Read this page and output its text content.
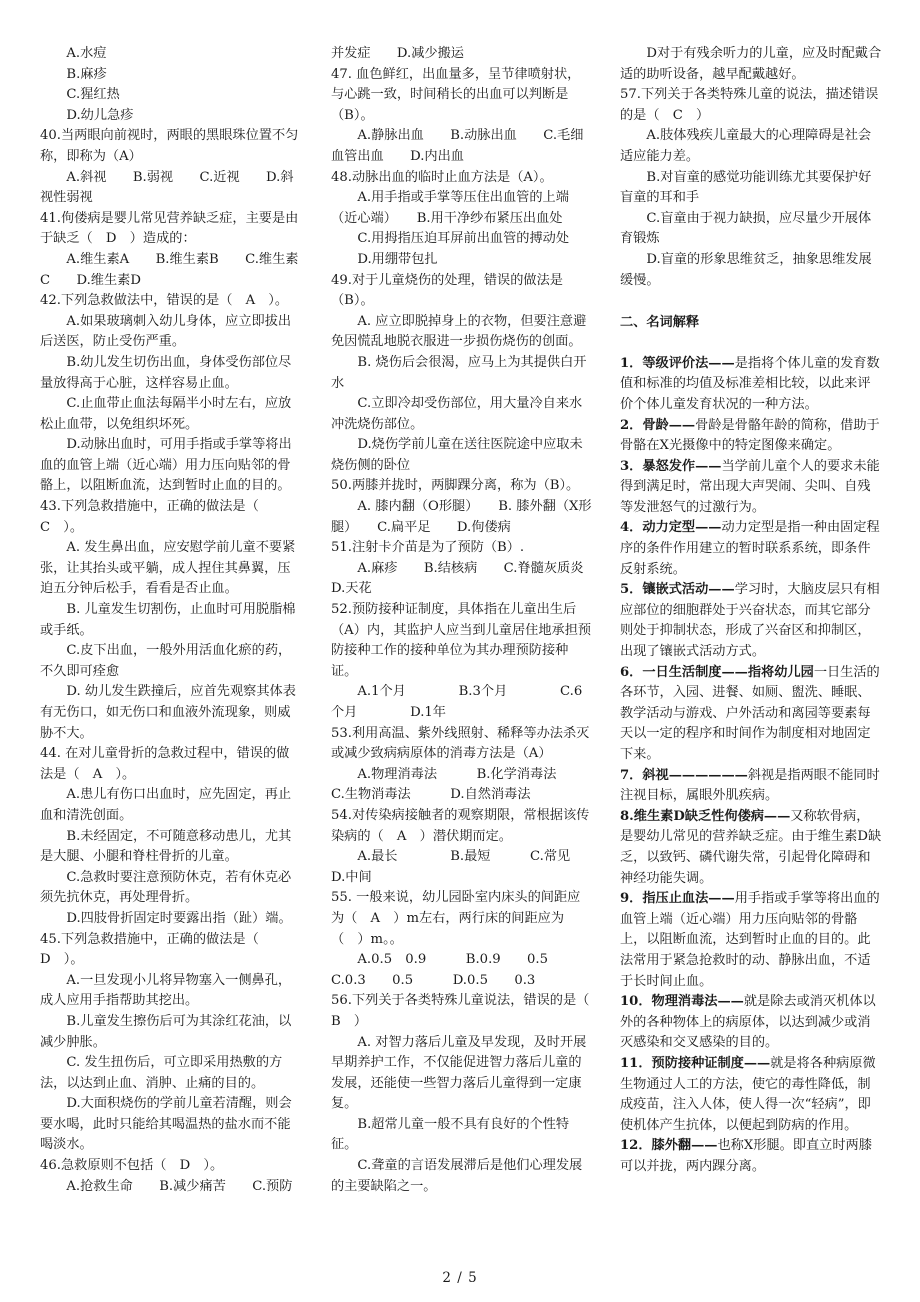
A.水痘

B.麻疹

C.猩红热

D.幼儿急疹

40.当两眼向前视时，两眼的黑眼珠位置不匀称，即称为（A）

A.斜视　　B.弱视　　C.近视　　D.斜视性弱视

41.佝偻病是婴儿常见营养缺乏症，主要是由于缺乏（　D　）造成的：

A.维生素A　　B.维生素B　　C.维生素C　　D.维生素D

42.下列急救做法中，错误的是（　A　）。

A.如果玻璃刺入幼儿身体，应立即拔出后送医，防止受伤严重。

B.幼儿发生切伤出血，身体受伤部位尽量放得高于心脏，这样容易止血。

C.止血带止血法每隔半小时左右，应放松止血带，以免组织坏死。

D.动脉出血时，可用手指或手掌等将出血的血管上端（近心端）用力压向贴邻的骨骼上，以阻断血流，达到暂时止血的目的。

43.下列急救措施中，正确的做法是（　C　）。

A. 发生鼻出血，应安慰学前儿童不要紧张，让其抬头或平躺，成人捏住其鼻翼，压迫五分钟后松手，看看是否止血。

B. 儿童发生切割伤，止血时可用脱脂棉或手纸。

C.皮下出血，一般外用活血化瘀的药，不久即可痊愈

D. 幼儿发生跌撞后，应首先观察其体表有无伤口，如无伤口和血液外流现象，则威胁不大。

44. 在对儿童骨折的急救过程中，错误的做法是（　A　）。

A.患儿有伤口出血时，应先固定，再止血和清洗创面。

B.未经固定，不可随意移动患儿，尤其是大腿、小腿和脊柱骨折的儿童。

C.急救时要注意预防休克，若有休克必须先抗休克，再处理骨折。

D.四肢骨折固定时要露出指（趾）端。

45.下列急救措施中，正确的做法是（　D　）。

A.一旦发现小儿将异物塞入一侧鼻孔，成人应用手指帮助其挖出。

B.儿童发生擦伤后可为其涂红花油，以减少肿胀。

C. 发生扭伤后，可立即采用热敷的方法，以达到止血、消肿、止痛的目的。

D.大面积烧伤的学前儿童若清醒，则会要水喝，此时只能给其喝温热的盐水而不能喝淡水。

46.急救原则不包括（　D　）。

A.抢救生命　　B.减少痛苦　　C.预防

并发症　　D.减少搬运

47. 血色鲜红，出血量多，呈节律喷射状，与心跳一致，时间稍长的出血可以判断是（B）。

A.静脉出血　　B.动脉出血　　C.毛细血管出血　　D.内出血

48.动脉出血的临时止血方法是（A）。

A.用手指或手掌等压住出血管的上端（近心端）　　B.用干净纱布紧压出血处

C.用拇指压迫耳屏前出血管的搏动处

D.用绷带包扎

49.对于儿童烧伤的处理，错误的做法是（B）。

A. 应立即脱掉身上的衣物，但要注意避免因慌乱地脱衣服进一步损伤烧伤的创面。

B. 烧伤后会很渴，应马上为其提供白开水

C.立即冷却受伤部位，用大量冷自来水冲洗烧伤部位。

D.烧伤学前儿童在送往医院途中应取未烧伤侧的卧位

50.两膝并拢时，两脚踝分离，称为（B）。

A. 膝内翻（O形腿）　　B. 膝外翻（X形腿）　　C.扁平足　　D.佝偻病

51.注射卡介苗是为了预防（B）.

A.麻疹　　B.结核病　　C.脊髓灰质炎　　D.天花

52.预防接种证制度，具体指在儿童出生后（A）内，其监护人应当到儿童居住地承担预防接种工作的接种单位为其办理预防接种证。

A.1个月　　　　B.3个月　　　　C.6个月　　　　D.1年

53.利用高温、紫外线照射、稀释等办法杀灭或减少致病病原体的消毒方法是（A）

A.物理消毒法　　　B.化学消毒法　　C.生物消毒法　　　D.自然消毒法

54.对传染病接触者的观察期限，常根据该传染病的（　A　）潜伏期而定。

A.最长　　　　B.最短　　　C.常见　　D.中间

55. 一般来说，幼儿园卧室内床头的间距应为（　A　）m左右，两行床的间距应为（　）m。。

A.0.5　0.9　　　B.0.9　　0.5　　C.0.3　　0.5　　　D.0.5　　0.3

56.下列关于各类特殊儿童说法，错误的是（　B　）

A. 对智力落后儿童及早发现，及时开展早期养护工作，不仅能促进智力落后儿童的发展，还能使一些智力落后儿童得到一定康复。

B.超常儿童一般不具有良好的个性特征。

C.聋童的言语发展滞后是他们心理发展的主要缺陷之一。

D对于有残余听力的儿童，应及时配戴合适的助听设备，越早配戴越好。

57.下列关于各类特殊儿童的说法，描述错误的是（　C　）

A.肢体残疾儿童最大的心理障碍是社会适应能力差。

B.对盲童的感觉功能训练尤其要保护好盲童的耳和手

C.盲童由于视力缺损，应尽量少开展体育锻炼

D.盲童的形象思维贫乏，抽象思维发展缓慢。

二、名词解释

1．等级评价法——是指将个体儿童的发育数值和标准的均值及标准差相比较，以此来评价个体儿童发育状况的一种方法。

2．骨龄——骨龄是骨骼年龄的简称，借助于骨骼在X光摄像中的特定图像来确定。

3．暴怒发作——当学前儿童个人的要求未能得到满足时，常出现大声哭闹、尖叫、自残等发泄怒气的过激行为。

4．动力定型——动力定型是指一种由固定程序的条件作用建立的暂时联系系统，即条件反射系统。

5．镶嵌式活动——学习时，大脑皮层只有相应部位的细胞群处于兴奋状态，而其它部分则处于抑制状态，形成了兴奋区和抑制区，出现了镶嵌式活动方式。

6．一日生活制度——指将幼儿园一日生活的各环节，入园、进餐、如厕、盥洗、睡眠、教学活动与游戏、户外活动和离园等要素每天以一定的程序和时间作为制度相对地固定下来。

7．斜视——————斜视是指两眼不能同时注视目标，属眼外肌疾病。

8.维生素D缺乏性佝偻病——又称软骨病，是婴幼儿常见的营养缺乏症。由于维生素D缺乏，以致钙、磷代谢失常，引起骨化障碍和神经功能失调。

9．指压止血法——用手指或手掌等将出血的血管上端（近心端）用力压向贴邻的骨骼上，以阻断血流，达到暂时止血的目的。此法常用于紧急抢救时的动、静脉出血，不适于长时间止血。

10．物理消毒法——就是除去或消灭机体以外的各种物体上的病原体，以达到减少或消灭感染和交叉感染的目的。

11．预防接种证制度——就是将各种病原微生物通过人工的方法，使它的毒性降低，制成疫苗，注入人体，使人得一次“轻病”，即使机体产生抗体，以便起到防病的作用。

12．膝外翻——也称X形腿。即直立时两膝可以并拢，两内踝分离。

2 / 5
